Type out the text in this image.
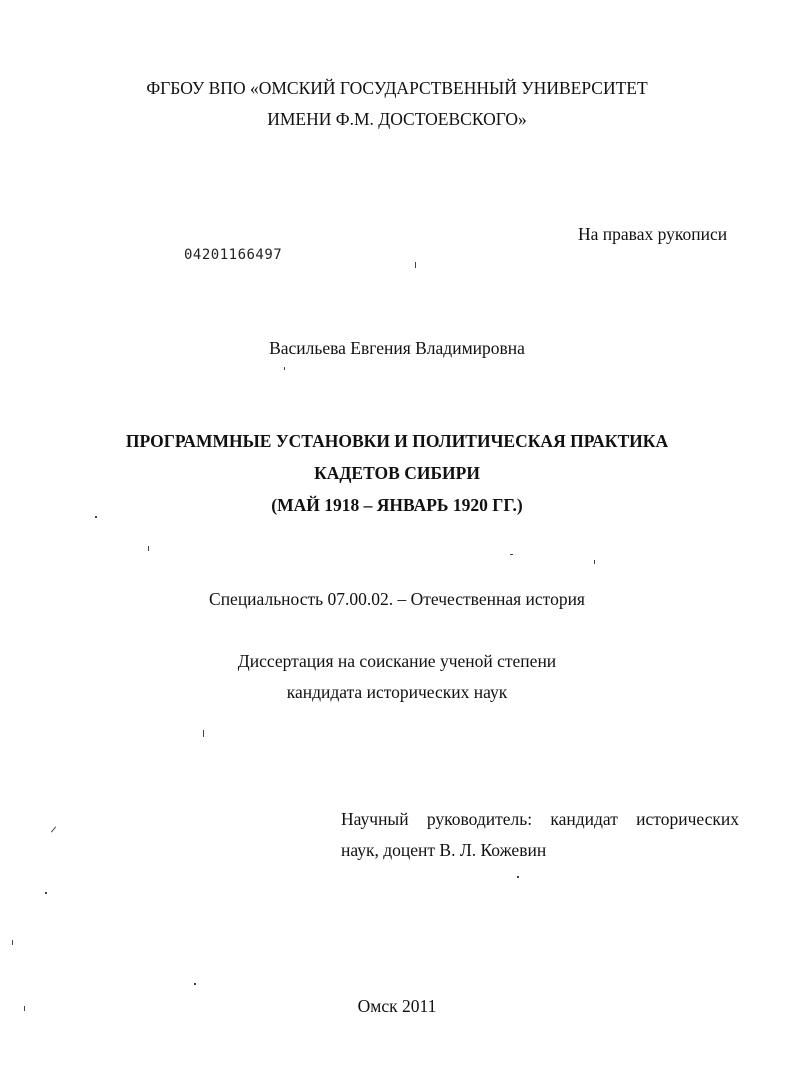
ФГБОУ ВПО «ОМСКИЙ ГОСУДАРСТВЕННЫЙ УНИВЕРСИТЕТ
ИМЕНИ Ф.М. ДОСТОЕВСКОГО»
На правах рукописи
04201166497
Васильева Евгения Владимировна
ПРОГРАММНЫЕ УСТАНОВКИ И ПОЛИТИЧЕСКАЯ ПРАКТИКА
КАДЕТОВ СИБИРИ
(МАЙ 1918 – ЯНВАРЬ 1920 ГГ.)
Специальность 07.00.02. – Отечественная история
Диссертация на соискание ученой степени
кандидата исторических наук
Научный руководитель: кандидат исторических
наук, доцент В. Л. Кожевин
Омск 2011
